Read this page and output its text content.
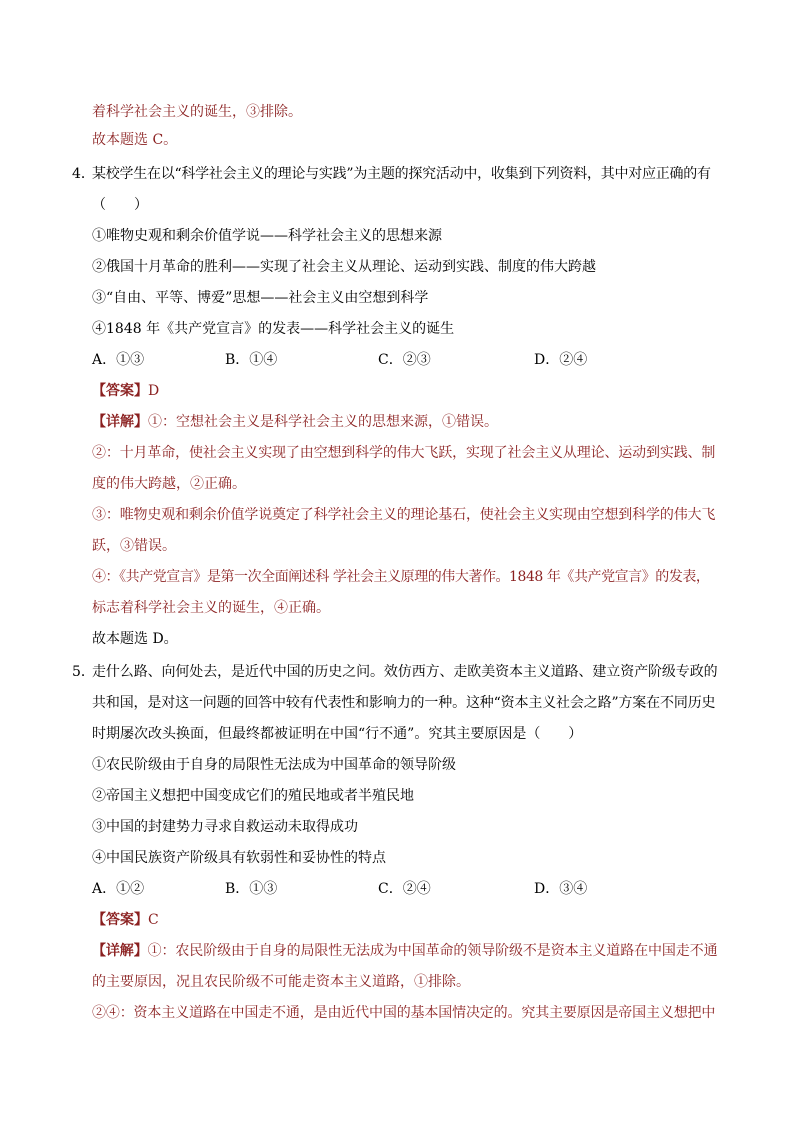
着科学社会主义的诞生，③排除。
故本题选 C。
4．
某校学生在以“科学社会主义的理论与实践”为主题的探究活动中，收集到下列资料，其中对应正确的有
（　　）
①唯物史观和剩余价值学说——科学社会主义的思想来源
②俄国十月革命的胜利——实现了社会主义从理论、运动到实践、制度的伟大跨越
③“自由、平等、博爱”思想——社会主义由空想到科学
④1848 年《共产党宣言》的发表——科学社会主义的诞生
A．①③	B．①④	C．②③	D．②④
【答案】D
【详解】①：空想社会主义是科学社会主义的思想来源，①错误。
②：十月革命，使社会主义实现了由空想到科学的伟大飞跃，实现了社会主义从理论、运动到实践、制
度的伟大跨越，②正确。
③：唯物史观和剩余价值学说奠定了科学社会主义的理论基石，使社会主义实现由空想到科学的伟大飞
跃，③错误。
④：《共产党宣言》是第一次全面阐述科 学社会主义原理的伟大著作。1848 年《共产党宣言》的发表，
标志着科学社会主义的诞生，④正确。
故本题选 D。
5．
走什么路、向何处去，是近代中国的历史之问。效仿西方、走欧美资本主义道路、建立资产阶级专政的
共和国，是对这一问题的回答中较有代表性和影响力的一种。这种“资本主义社会之路”方案在不同历史
时期屡次改头换面，但最终都被证明在中国“行不通”。究其主要原因是（　　）
①农民阶级由于自身的局限性无法成为中国革命的领导阶级
②帝国主义想把中国变成它们的殖民地或者半殖民地
③中国的封建势力寻求自救运动未取得成功
④中国民族资产阶级具有软弱性和妥协性的特点
A．①②	B．①③	C．②④	D．③④
【答案】C
【详解】①：农民阶级由于自身的局限性无法成为中国革命的领导阶级不是资本主义道路在中国走不通
的主要原因，况且农民阶级不可能走资本主义道路，①排除。
②④：资本主义道路在中国走不通，是由近代中国的基本国情决定的。究其主要原因是帝国主义想把中
